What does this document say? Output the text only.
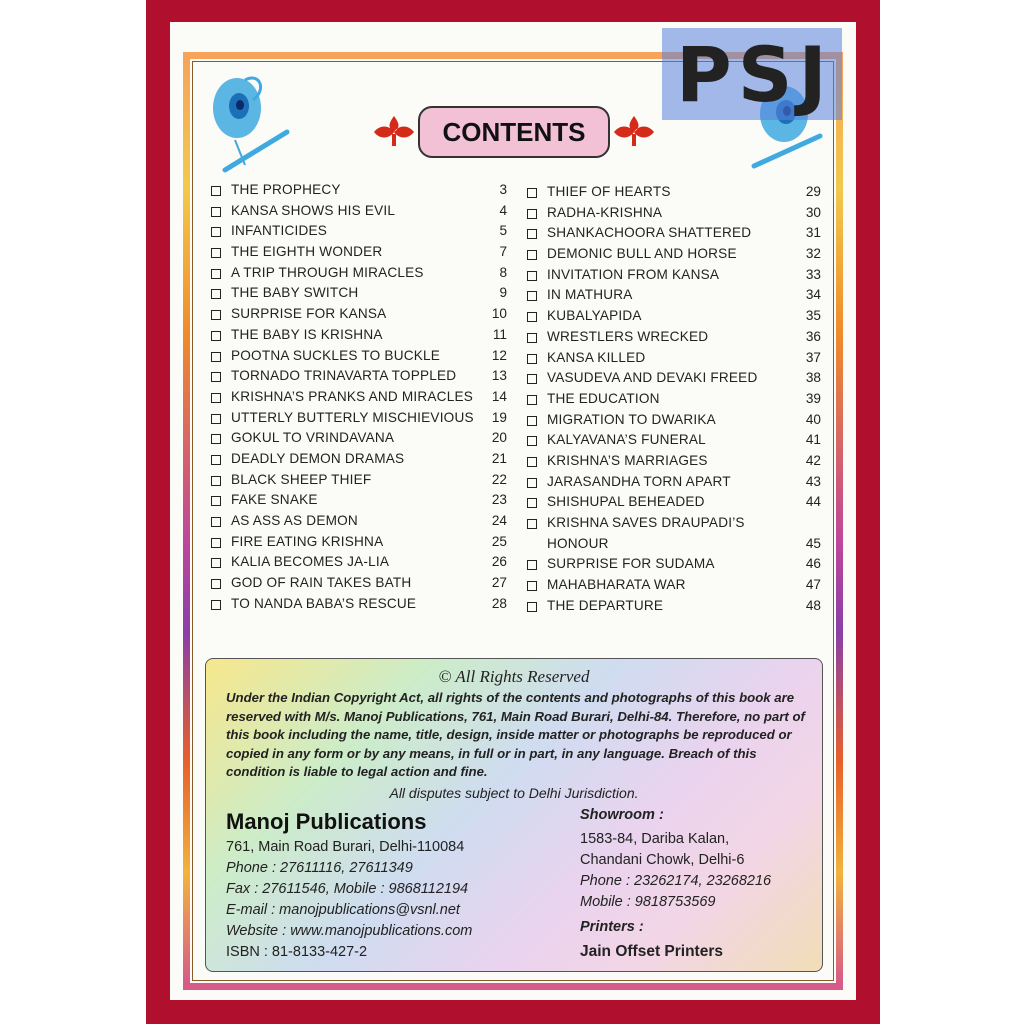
PSJ
CONTENTS
THE PROPHECY	3
KANSA SHOWS HIS EVIL	4
INFANTICIDES	5
THE EIGHTH WONDER	7
A TRIP THROUGH MIRACLES	8
THE BABY SWITCH	9
SURPRISE FOR KANSA	10
THE BABY IS KRISHNA	11
POOTNA SUCKLES TO BUCKLE	12
TORNADO TRINAVARTA TOPPLED	13
KRISHNA’S PRANKS AND MIRACLES 14
UTTERLY BUTTERLY MISCHIEVIOUS 19
GOKUL TO VRINDAVANA	20
DEADLY DEMON DRAMAS	21
BLACK SHEEP THIEF	22
FAKE SNAKE	23
AS ASS AS DEMON	24
FIRE EATING KRISHNA	25
KALIA BECOMES JA-LIA	26
GOD OF RAIN TAKES BATH	27
TO NANDA BABA’S RESCUE	28
THIEF OF HEARTS	29
RADHA-KRISHNA	30
SHANKACHOORA SHATTERED	31
DEMONIC BULL AND HORSE	32
INVITATION FROM KANSA	33
IN MATHURA	34
KUBALYAPIDA	35
WRESTLERS WRECKED	36
KANSA KILLED	37
VASUDEVA AND DEVAKI FREED	38
THE EDUCATION	39
MIGRATION TO DWARIKA	40
KALYAVANA’S FUNERAL	41
KRISHNA’S MARRIAGES	42
JARASANDHA TORN APART	43
SHISHUPAL BEHEADED	44
KRISHNA SAVES DRAUPADI’S
HONOUR	45
SURPRISE FOR SUDAMA	46
MAHABHARATA WAR	47
THE DEPARTURE	48
© All Rights Reserved
Under the Indian Copyright Act, all rights of the contents and photographs of this book are reserved with M/s. Manoj Publications, 761, Main Road Burari, Delhi-84. Therefore, no part of this book including the name, title, design, inside matter or photographs be reproduced or copied in any form or by any means, in full or in part, in any language. Breach of this condition is liable to legal action and fine.
All disputes subject to Delhi Jurisdiction.
Manoj Publications
761, Main Road Burari, Delhi-110084
Phone : 27611116, 27611349
Fax : 27611546, Mobile : 9868112194
E-mail : manojpublications@vsnl.net
Website : www.manojpublications.com
ISBN : 81-8133-427-2
Showroom :
1583-84, Dariba Kalan,
Chandani Chowk, Delhi-6
Phone : 23262174, 23268216
Mobile : 9818753569
Printers :
Jain Offset Printers
